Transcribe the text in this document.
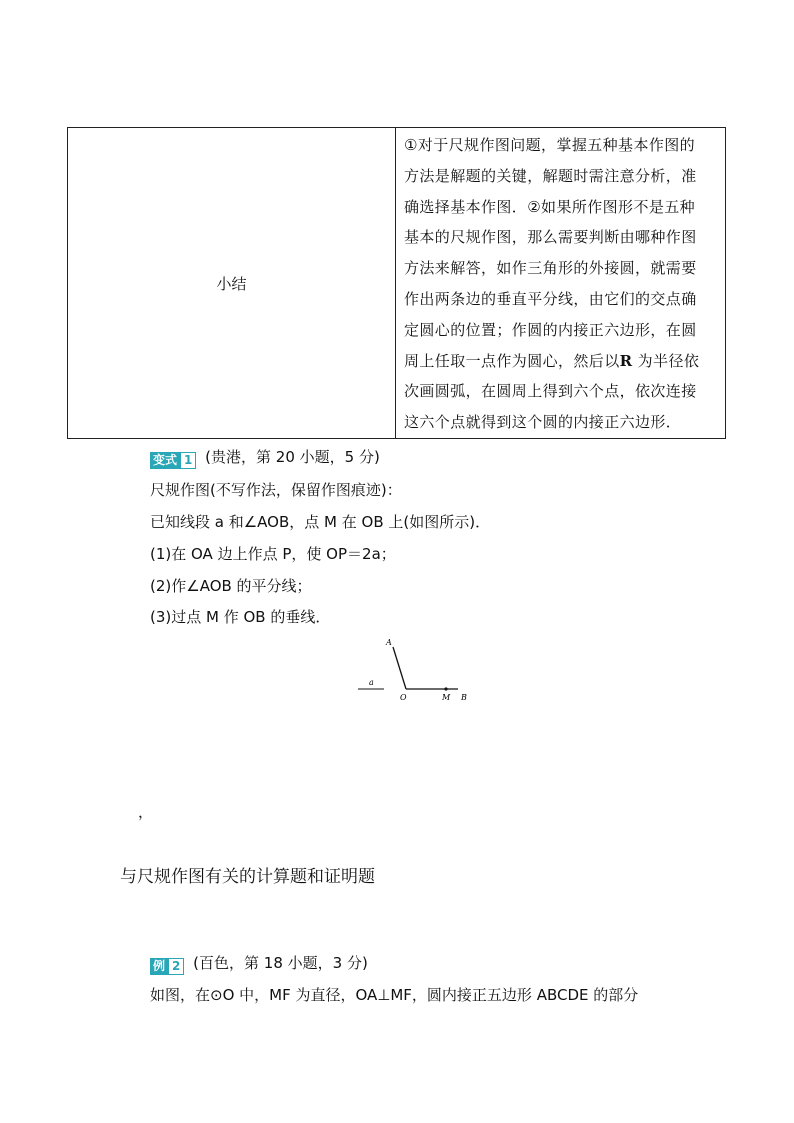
小结
①对于尺规作图问题，掌握五种基本作图的
方法是解题的关键，解题时需注意分析，准
确选择基本作图．②如果所作图形不是五种
基本的尺规作图，那么需要判断由哪种作图
方法来解答，如作三角形的外接圆，就需要
作出两条边的垂直平分线，由它们的交点确
定圆心的位置；作圆的内接正六边形，在圆
周上任取一点作为圆心，然后以R 为半径依
次画圆弧，在圆周上得到六个点，依次连接
这六个点就得到这个圆的内接正六边形．
变式 1 (贵港，第 20 小题，5 分)
尺规作图(不写作法，保留作图痕迹)：
已知线段 a 和∠AOB，点 M 在 OB 上(如图所示)．
(1)在 OA 边上作点 P，使 OP＝2a；
(2)作∠AOB 的平分线；
(3)过点 M 作 OB 的垂线．
a
A
O	M B
，
与尺规作图有关的计算题和证明题
例 2 (百色，第 18 小题，3 分)
如图，在⊙O 中，MF 为直径，OA⊥MF，圆内接正五边形 ABCDE 的部分
